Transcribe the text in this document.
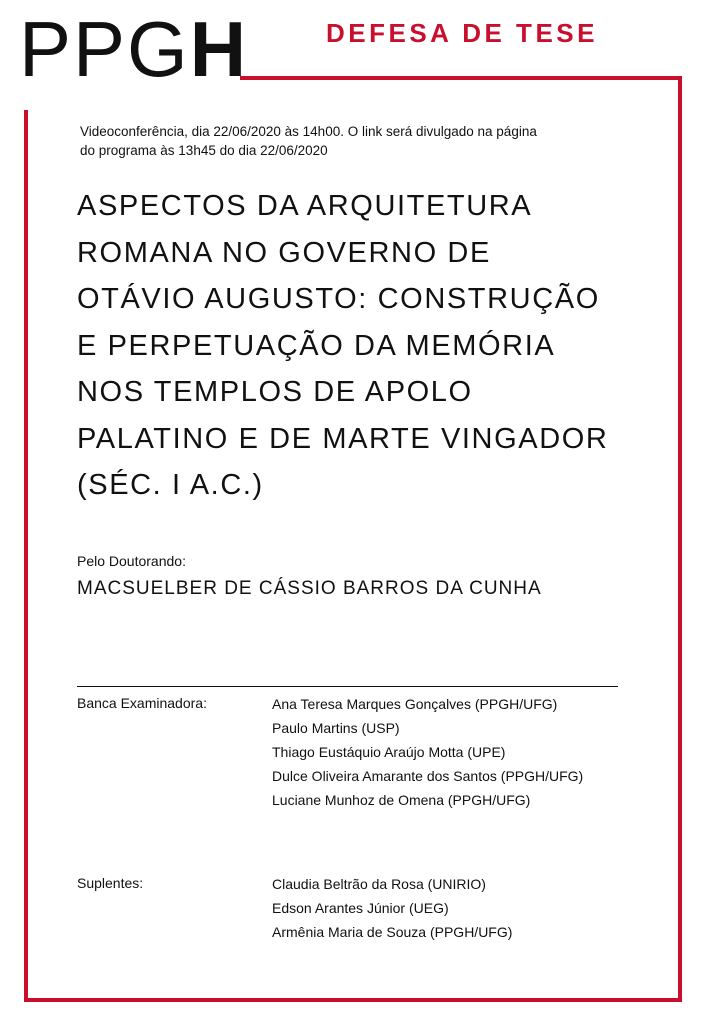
PPGH	DEFESA DE TESE
Videoconferência, dia 22/06/2020 às 14h00. O link será divulgado na página
do programa às 13h45 do dia 22/06/2020
ASPECTOS DA ARQUITETURA
ROMANA NO GOVERNO DE
OTÁVIO AUGUSTO: CONSTRUÇÃO
E PERPETUAÇÃO DA MEMÓRIA
NOS TEMPLOS DE APOLO
PALATINO E DE MARTE VINGADOR
(SÉC. I A.C.)
Pelo Doutorando:
MACSUELBER DE CÁSSIO BARROS DA CUNHA
Banca Examinadora:	Ana Teresa Marques Gonçalves (PPGH/UFG)
Paulo Martins (USP)
Thiago Eustáquio Araújo Motta (UPE)
Dulce Oliveira Amarante dos Santos (PPGH/UFG)
Luciane Munhoz de Omena (PPGH/UFG)
Suplentes:	Claudia Beltrão da Rosa (UNIRIO)
Edson Arantes Júnior (UEG)
Armênia Maria de Souza (PPGH/UFG)
